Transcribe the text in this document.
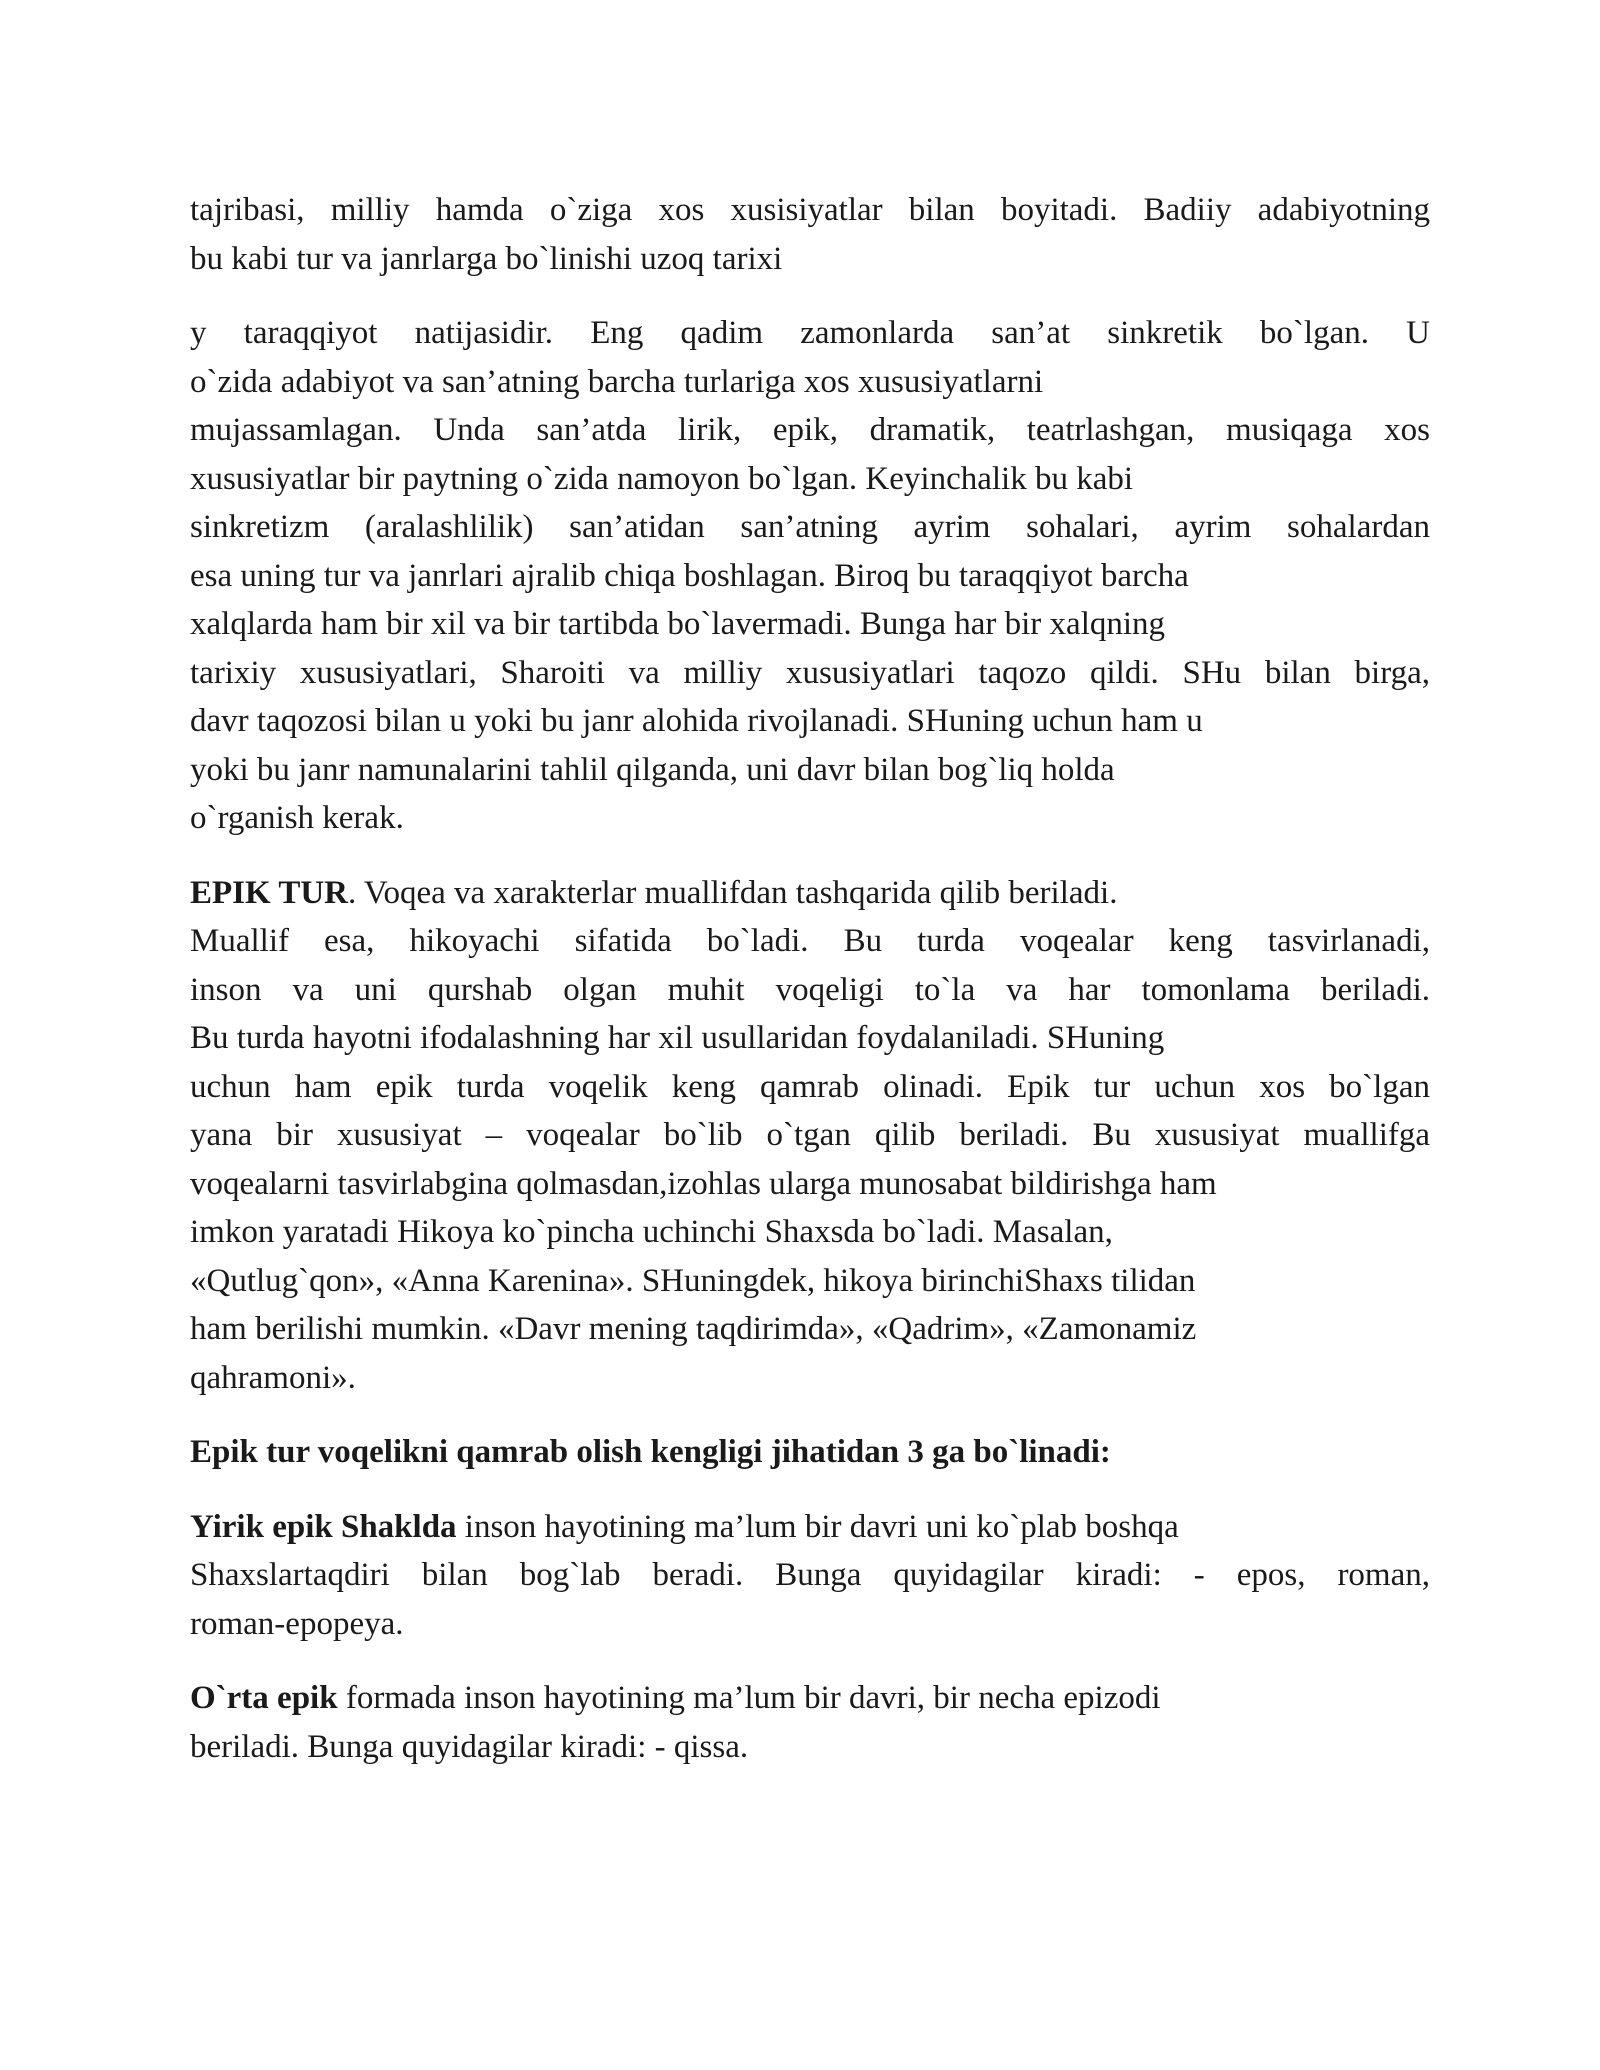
tajribasi, milliy hamda o`ziga xos xusisiyatlar bilan boyitadi. Badiiy adabiyotning
bu kabi tur va janrlarga bo`linishi uzoq tarixi
y taraqqiyot natijasidir. Eng qadim zamonlarda san’at sinkretik bo`lgan. U
o`zida adabiyot va san’atning barcha turlariga xos xususiyatlarni
mujassamlagan. Unda san’atda lirik, epik, dramatik, teatrlashgan, musiqaga xos
xususiyatlar bir paytning o`zida namoyon bo`lgan. Keyinchalik bu kabi
sinkretizm (aralashlilik) san’atidan san’atning ayrim sohalari, ayrim sohalardan
esa uning tur va janrlari ajralib chiqa boshlagan. Biroq bu taraqqiyot barcha
xalqlarda ham bir xil va bir tartibda bo`lavermadi. Bunga har bir xalqning
tarixiy xususiyatlari, Sharoiti va milliy xususiyatlari taqozo qildi. SHu bilan birga,
davr taqozosi bilan u yoki bu janr alohida rivojlanadi. SHuning uchun ham u
yoki bu janr namunalarini tahlil qilganda, uni davr bilan bog`liq holda
o`rganish kerak.
EPIK TUR. Voqea va xarakterlar muallifdan tashqarida qilib beriladi.
Muallif esa, hikoyachi sifatida bo`ladi. Bu turda voqealar keng tasvirlanadi,
inson va uni qurshab olgan muhit voqeligi to`la va har tomonlama beriladi.
Bu turda hayotni ifodalashning har xil usullaridan foydalaniladi. SHuning
uchun ham epik turda voqelik keng qamrab olinadi. Epik tur uchun xos bo`lgan
yana bir xususiyat – voqealar bo`lib o`tgan qilib beriladi. Bu xususiyat muallifga
voqealarni tasvirlabgina qolmasdan,izohlas ularga munosabat bildirishga ham
imkon yaratadi Hikoya ko`pincha uchinchi Shaxsda bo`ladi. Masalan,
«Qutlug`qon», «Anna Karenina». SHuningdek, hikoya birinchiShaxs tilidan
ham berilishi mumkin. «Davr mening taqdirimda», «Qadrim», «Zamonamiz
qahramoni».
Epik tur voqelikni qamrab olish kengligi jihatidan 3 ga bo`linadi:
Yirik epik Shakldа inson hayotining ma’lum bir davri uni ko`plab boshqa
Shaxslartaqdiri bilan bog`lab beradi. Bunga quyidagilar kiradi: - epos, roman,
roman-epopeya.
O`rta epik formada inson hayotining ma’lum bir davri, bir necha epizodi
beriladi. Bunga quyidagilar kiradi: - qissa.
